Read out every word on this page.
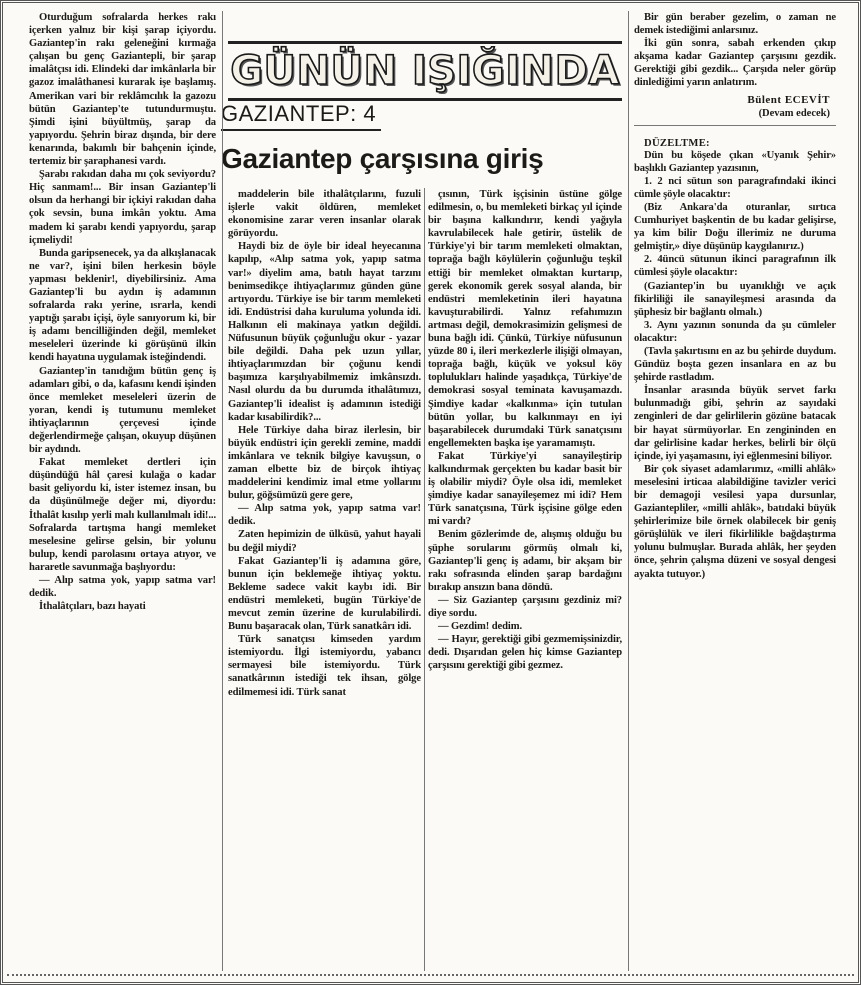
GÜNÜN IŞIĞINDA
GAZIANTEP: 4
Gaziantep çarşısına giriş

Oturduğum sofralarda herkes rakı içerken yalnız bir kişi şarap içiyordu. Gaziantep'in rakı geleneğini kırmağa çalışan bu genç Gaziantepli, bir şarap imalâtçısı idi. Elindeki dar imkânlarla bir gazoz imalâthanesi kurarak işe başlamış. Amerikan vari bir reklâmcılık la gazozu bütün Gaziantep'te tutundurmuştu. Şimdi işini büyültmüş, şarap da yapıyordu. Şehrin biraz dışında, bir dere kenarında, bakımlı bir bahçenin içinde, tertemiz bir şaraphanesi vardı.

Şarabı rakıdan daha mı çok seviyordu? Hiç sanmam!... Bir insan Gaziantep'li olsun da herhangi bir içkiyi rakıdan daha çok sevsin, buna imkân yoktu. Ama madem ki şarabı kendi yapıyordu, şarap içmeliydi!

Bunda garipsenecek, ya da alkışlanacak ne var?, işini bilen herkesin böyle yapması beklenir!, diyebilirsiniz. Ama Gaziantep'li bu aydın iş adamının sofralarda rakı yerine, ısrarla, kendi yaptığı şarabı içişi, öyle sanıyorum ki, bir iş adamı bencilliğinden değil, memleket meseleleri üzerinde ki görüşünü ilkin kendi hayatına uygulamak isteğindendi.

Gaziantep'in tanıdığım bütün genç iş adamları gibi, o da, kafasını kendi işinden önce memleket meseleleri üzerin de yoran, kendi iş tutumunu memleket ihtiyaçlarının çerçevesi içinde değerlendirmeğe çalışan, okuyup düşünen bir aydındı.

Fakat memleket dertleri için düşündüğü hâl çaresi kulağa o kadar basit geliyordu ki, ister istemez insan, bu da düşünülmeğe değer mi, diyordu: İthalât kısılıp yerli malı kullanılmalı idi!... Sofralarda tartışma hangi memleket meselesine gelirse gelsin, bir yolunu bulup, kendi parolasını ortaya atıyor, ve hararetle savunmağa başlıyordu:

— Alıp satma yok, yapıp satma var! dedik.

İthalâtçıları, bazı hayati

maddelerin bile ithalâtçılarını, fuzuli işlerle vakit öldüren, memleket ekonomisine zarar veren insanlar olarak görüyordu.

Haydi biz de öyle bir ideal heyecanına kapılıp, «Alıp satma yok, yapıp satma var!» diyelim ama, batılı hayat tarzını benimsedikçe ihtiyaçlarımız günden güne artıyordu. Türkiye ise bir tarım memleketi idi. Endüstrisi daha kuruluma yolunda idi. Halkının eli makinaya yatkın değildi. Nüfusunun büyük çoğunluğu okur - yazar bile değildi. Daha pek uzun yıllar, ihtiyaçlarımızdan bir çoğunu kendi başımıza karşılıyabilmemiz imkânsızdı. Nasıl olurdu da bu durumda ithalâtımızı, Gaziantep'li idealist iş adamının istediği kadar kısabilirdik?...

Hele Türkiye daha biraz ilerlesin, bir büyük endüstri için gerekli zemine, maddi imkânlara ve teknik bilgiye kavuşsun, o zaman elbette biz de birçok ihtiyaç maddelerini kendimiz imal etme yollarını bulur, göğsümüzü gere gere,

— Alıp satma yok, yapıp satma var! dedik.

Zaten hepimizin de ülküsü, yahut hayali bu değil miydi?

Fakat Gaziantep'li iş adamına göre, bunun için beklemeğe ihtiyaç yoktu. Bekleme sadece vakit kaybı idi. Bir endüstri memleketi, bugün Türkiye'de mevcut zemin üzerine de kurulabilirdi. Bunu başaracak olan, Türk sanatkârı idi.

Türk sanatçısı kimseden yardım istemiyordu. İlgi istemiyordu, yabancı sermayesi bile istemiyordu. Türk sanatkârının istediği tek ihsan, gölge edilmemesi idi. Türk sanat

çısının, Türk işçisinin üstüne gölge edilmesin, o, bu memleketi birkaç yıl içinde bir başına kalkındırır, kendi yağıyla kavrulabilecek hale getirir, üstelik de Türkiye'yi bir tarım memleketi olmaktan, toprağa bağlı köylülerin çoğunluğu teşkil ettiği bir memleket olmaktan kurtarıp, gerek ekonomik gerek sosyal alanda, bir endüstri memleketinin ileri hayatına kavuşturabilirdi. Yalnız refahımızın artması değil, demokrasimizin gelişmesi de buna bağlı idi. Çünkü, Türkiye nüfusunun yüzde 80 i, ileri merkezlerle ilişiği olmayan, toprağa bağlı, küçük ve yoksul köy toplulukları halinde yaşadıkça, Türkiye'de demokrasi sosyal teminata kavuşamazdı. Şimdiye kadar «kalkınma» için tutulan bütün yollar, bu kalkınmayı en iyi başarabilecek durumdaki Türk sanatçısını engellemekten başka işe yaramamıştı.

Fakat Türkiye'yi sanayileştirip kalkındırmak gerçekten bu kadar basit bir iş olabilir miydi? Öyle olsa idi, memleket şimdiye kadar sanayileşemez mi idi? Hem Türk sanatçısına, Türk işçisine gölge eden mi vardı?

Benim gözlerimde de, alışmış olduğu bu şüphe sorularını görmüş olmalı ki, Gaziantep'li genç iş adamı, bir akşam bir rakı sofrasında elinden şarap bardağını bırakıp ansızın bana döndü.

— Siz Gaziantep çarşısını gezdiniz mi? diye sordu.

— Gezdim! dedim.

— Hayır, gerektiği gibi gezmemişsinizdir, dedi. Dışarıdan gelen hiç kimse Gaziantep çarşısını gerektiği gibi gezmez.

Bir gün beraber gezelim, o zaman ne demek istediğimi anlarsınız.

İki gün sonra, sabah erkenden çıkıp akşama kadar Gaziantep çarşısını gezdik. Gerektiği gibi gezdik... Çarşıda neler görüp dinlediğimi yarın anlatırım.

Bülent ECEVİT
(Devam edecek)
DÜZELTME:

Dün bu köşede çıkan «Uyanık Şehir» başlıklı Gaziantep yazısının,

1. 2 nci sütun son paragrafındaki ikinci cümle şöyle olacaktır:

(Biz Ankara'da oturanlar, sırtıca Cumhuriyet başkentin de bu kadar gelişirse, ya kim bilir Doğu illerimiz ne duruma gelmiştir,» diye düşünüp kaygılanırız.)

2. 4üncü sütunun ikinci paragrafının ilk cümlesi şöyle olacaktır:

(Gaziantep'in bu uyanıklığı ve açık fikirliliği ile sanayileşmesi arasında da şüphesiz bir bağlantı olmalı.)

3. Aynı yazının sonunda da şu cümleler olacaktır:

(Tavla şakırtısını en az bu şehirde duydum. Gündüz boşta gezen insanlara en az bu şehirde rastladım.

İnsanlar arasında büyük servet farkı bulunmadığı gibi, şehrin az sayıdaki zenginleri de dar gelirlilerin gözüne batacak bir hayat sürmüyorlar. En zengininden en dar gelirlisine kadar herkes, belirli bir ölçü içinde, iyi yaşamasını, iyi eğlenmesini biliyor.

Bir çok siyaset adamlarımız, «milli ahlâk» meselesini irticaa alabildiğine tavizler verici bir demagoji vesilesi yapa dursunlar, Gaziantepliler, «milli ahlâk», batıdaki büyük şehirlerimize bile örnek olabilecek bir geniş görüşlülük ve ileri fikirlilikle bağdaştırma yolunu bulmuşlar. Burada ahlâk, her şeyden önce, şehrin çalışma düzeni ve sosyal dengesi ayakta tutuyor.)
